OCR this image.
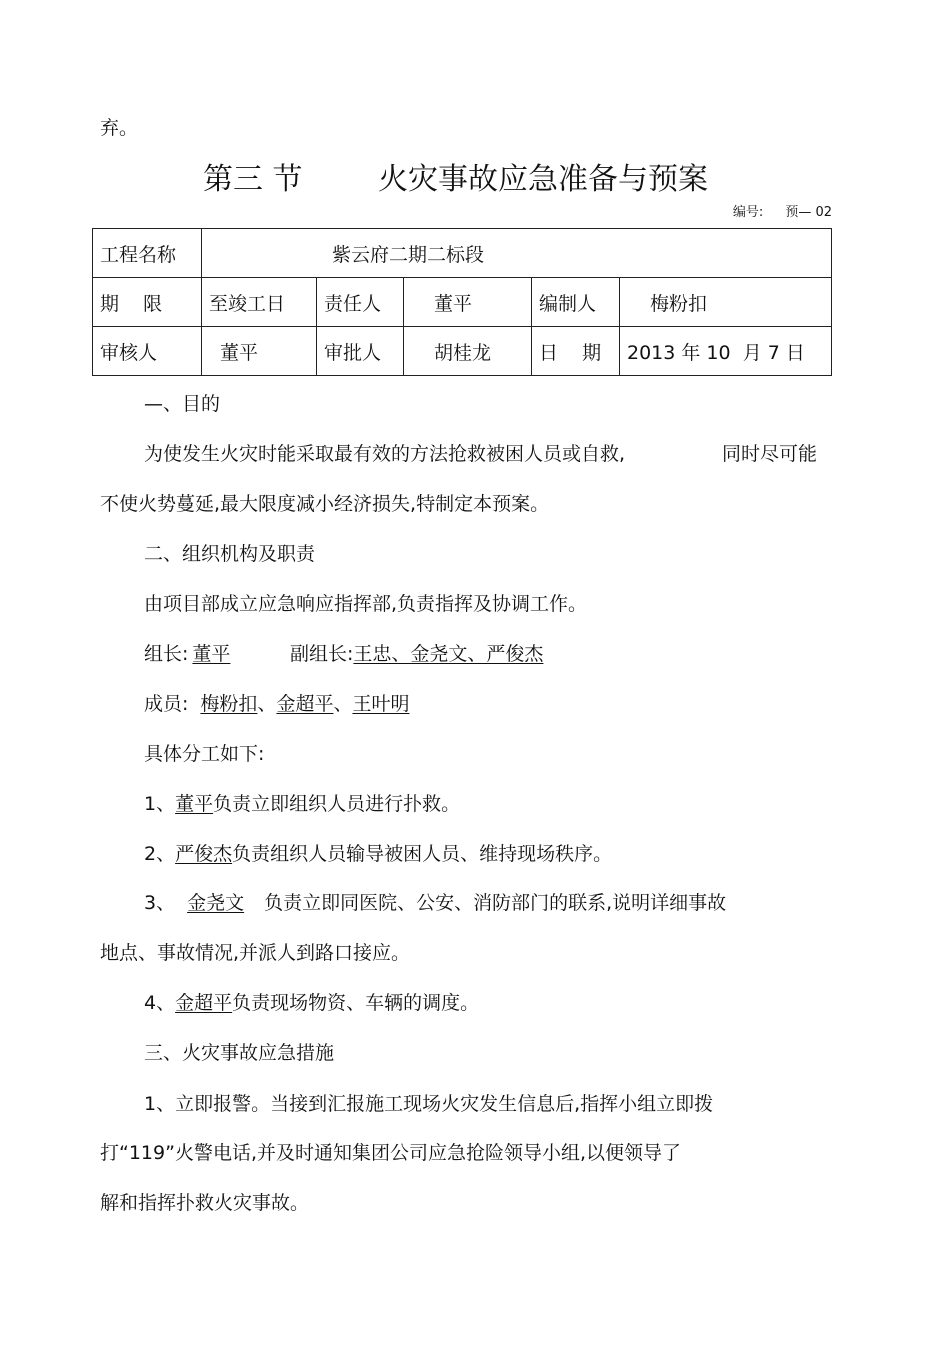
弃。
第三 节	火灾事故应急准备与预案
编号: 预— 02
工程名称	紫云府二期二标段				

期    限	至竣工日	责任人	董平	编制人	梅粉扣

审核人	董平	审批人	胡桂龙	日    期	2013 年 10  月 7 日
—、目的
为使发生火灾时能采取最有效的方法抢救被困人员或自救,	同时尽可能
不使火势蔓延,最大限度减小经济损失,特制定本预案。
二、组织机构及职责
由项目部成立应急响应指挥部,负责指挥及协调工作。
组长: 董平	副组长:王忠、金尧文、严俊杰
成员: 梅粉扣、金超平、王叶明
具体分工如下:
1、董平负责立即组织人员进行扑救。
2、严俊杰负责组织人员输导被困人员、维持现场秩序。
3、 金尧文 负责立即同医院、公安、消防部门的联系,说明详细事故
地点、事故情况,并派人到路口接应。
4、金超平负责现场物资、车辆的调度。
三、火灾事故应急措施
1、立即报警。当接到汇报施工现场火灾发生信息后,指挥小组立即拨
打“119”火警电话,并及时通知集团公司应急抢险领导小组,以便领导了
解和指挥扑救火灾事故。
